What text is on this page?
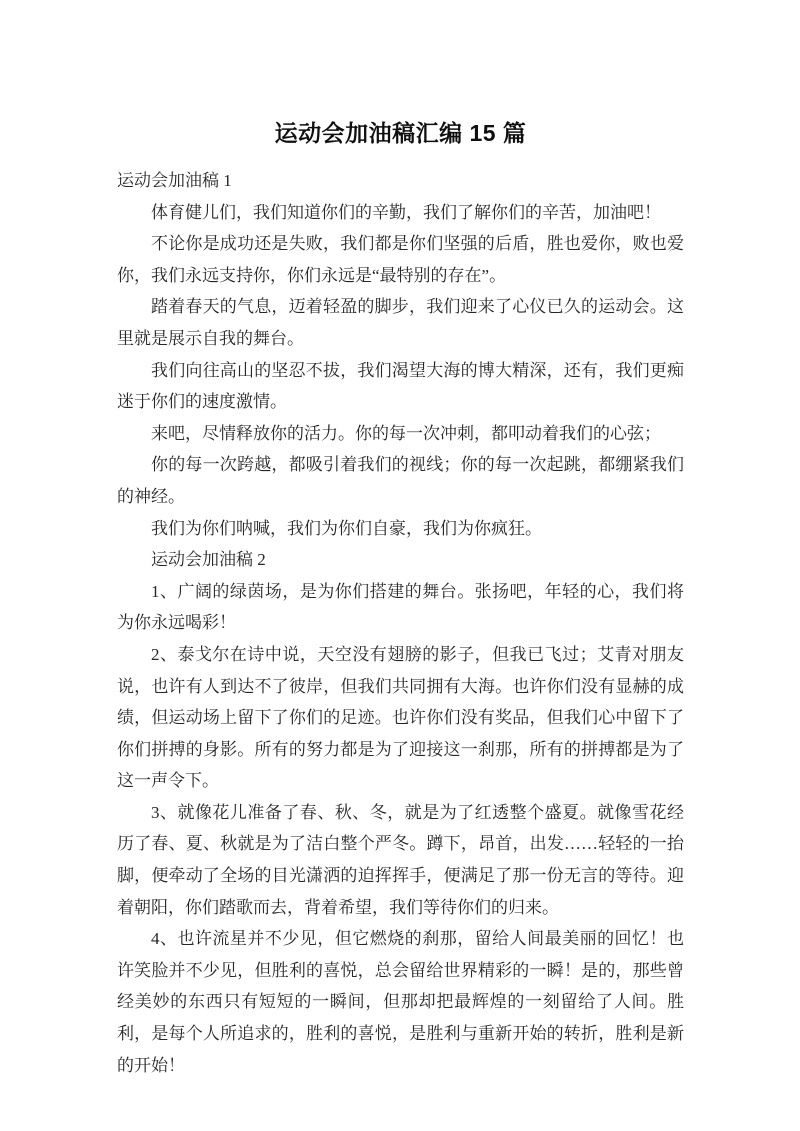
运动会加油稿汇编 15 篇

运动会加油稿 1

体育健儿们，我们知道你们的辛勤，我们了解你们的辛苦，加油吧！

不论你是成功还是失败，我们都是你们坚强的后盾，胜也爱你，败也爱你，我们永远支持你，你们永远是“最特别的存在”。

踏着春天的气息，迈着轻盈的脚步，我们迎来了心仪已久的运动会。这里就是展示自我的舞台。

我们向往高山的坚忍不拔，我们渴望大海的博大精深，还有，我们更痴迷于你们的速度激情。

来吧，尽情释放你的活力。你的每一次冲刺，都叩动着我们的心弦；

你的每一次跨越，都吸引着我们的视线；你的每一次起跳，都绷紧我们的神经。

我们为你们呐喊，我们为你们自豪，我们为你疯狂。

运动会加油稿 2

1、广阔的绿茵场，是为你们搭建的舞台。张扬吧，年轻的心，我们将为你永远喝彩！

2、泰戈尔在诗中说，天空没有翅膀的影子，但我已飞过；艾青对朋友说，也许有人到达不了彼岸，但我们共同拥有大海。也许你们没有显赫的成绩，但运动场上留下了你们的足迹。也许你们没有奖品，但我们心中留下了你们拼搏的身影。所有的努力都是为了迎接这一刹那，所有的拼搏都是为了这一声令下。

3、就像花儿准备了春、秋、冬，就是为了红透整个盛夏。就像雪花经历了春、夏、秋就是为了洁白整个严冬。蹲下，昂首，出发……轻轻的一抬脚，便牵动了全场的目光潇洒的迫挥挥手，便满足了那一份无言的等待。迎着朝阳，你们踏歌而去，背着希望，我们等待你们的归来。

4、也许流星并不少见，但它燃烧的刹那，留给人间最美丽的回忆！也许笑脸并不少见，但胜利的喜悦，总会留给世界精彩的一瞬！是的，那些曾经美妙的东西只有短短的一瞬间，但那却把最辉煌的一刻留给了人间。胜利，是每个人所追求的，胜利的喜悦，是胜利与重新开始的转折，胜利是新的开始！
